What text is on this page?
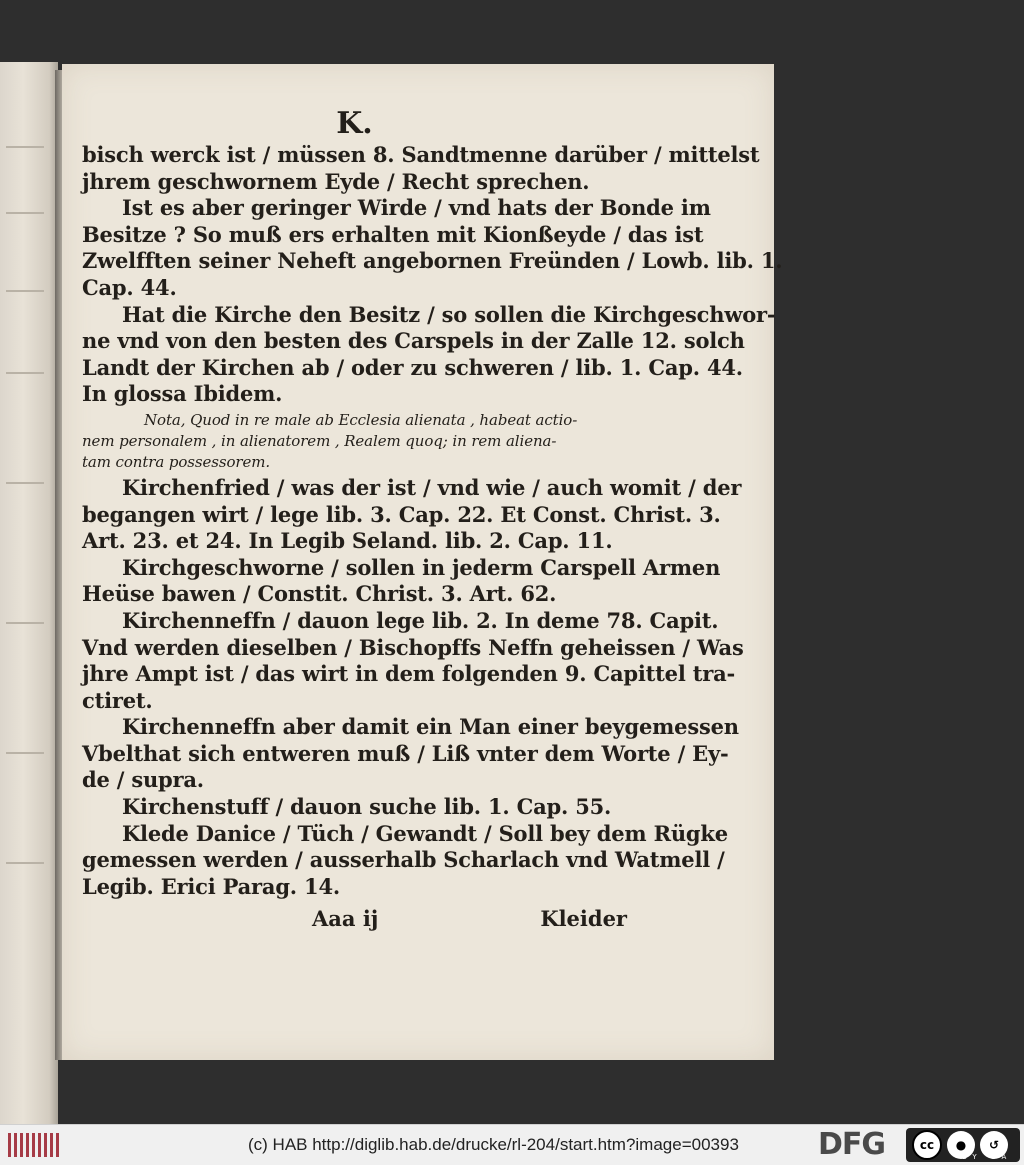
K.
bisch werck ist / müssen 8. Sandtmenne darüber / mittelst
jhrem geschwornem Eyde / Recht sprechen.
Ist es aber geringer Wirde / vnd hats der Bonde im
Besitze ? So muß ers erhalten mit Kionßeyde / das ist
Zwelfften seiner Neheft angebornen Freünden / Lowb. lib. 1.
Cap. 44.
Hat die Kirche den Besitz / so sollen die Kirchgeschwor-
ne vnd von den besten des Carspels in der Zalle 12. solch
Landt der Kirchen ab / oder zu schweren / lib. 1. Cap. 44.
In glossa Ibidem.
Nota, Quod in re male ab Ecclesia alienata , habeat actio-
nem personalem , in alienatorem , Realem quoq; in rem aliena-
tam contra possessorem.
Kirchenfried / was der ist / vnd wie / auch womit / der
begangen wirt / lege lib. 3. Cap. 22. Et Const. Christ. 3.
Art. 23. et 24. In Legib Seland. lib. 2. Cap. 11.
Kirchgeschworne / sollen in jederm Carspell Armen
Heüse bawen / Constit. Christ. 3. Art. 62.
Kirchenneffn / dauon lege lib. 2. In deme 78. Capit.
Vnd werden dieselben / Bischopffs Neffn geheissen / Was
jhre Ampt ist / das wirt in dem folgenden 9. Capittel tra-
ctiret.
Kirchenneffn aber damit ein Man einer beygemessen
Vbelthat sich entweren muß / Liß vnter dem Worte / Ey-
de / supra.
Kirchenstuff / dauon suche lib. 1. Cap. 55.
Klede Danice / Tüch / Gewandt / Soll bey dem Rügke
gemessen werden / ausserhalb Scharlach vnd Watmell /
Legib. Erici Parag. 14.
Aaa ij	Kleider
(c) HAB http://diglib.hab.de/drucke/rl-204/start.htm?image=00393	DFG	cc	●	↺
BY SA
